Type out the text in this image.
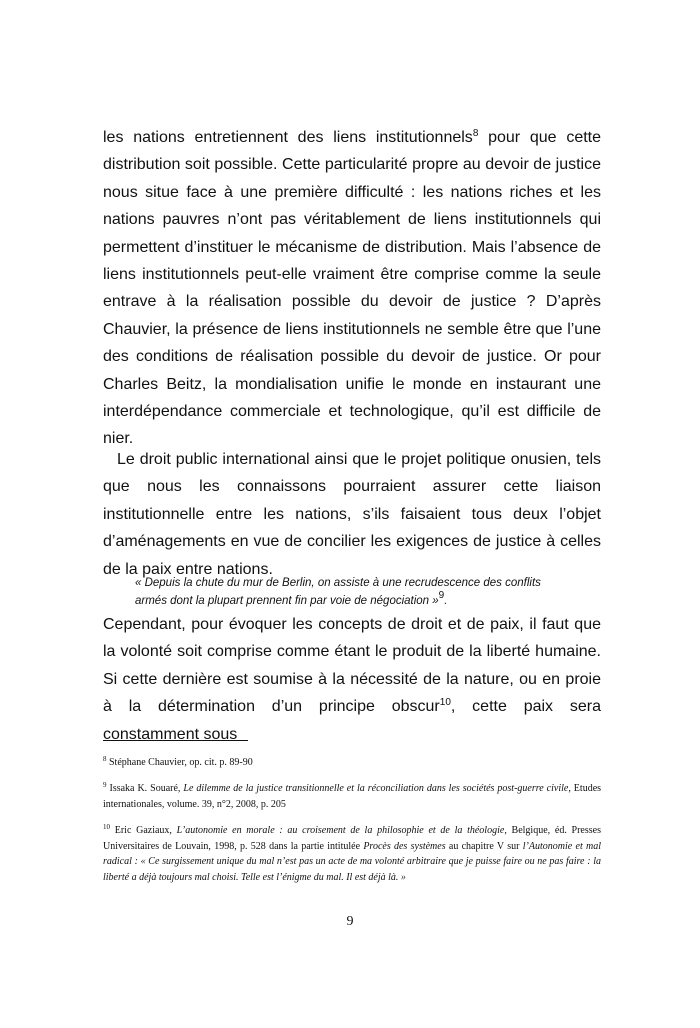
les nations entretiennent des liens institutionnels$^8$ pour que cette distribution soit possible. Cette particularité propre au devoir de justice nous situe face à une première difficulté : les nations riches et les nations pauvres n’ont pas véritablement de liens institutionnels qui permettent d’instituer le mécanisme de distribution. Mais l’absence de liens institutionnels peut-elle vraiment être comprise comme la seule entrave à la réalisation possible du devoir de justice ? D’après Chauvier, la présence de liens institutionnels ne semble être que l’une des conditions de réalisation possible du devoir de justice. Or pour Charles Beitz, la mondialisation unifie le monde en instaurant une interdépendance commerciale et technologique, qu’il est difficile de nier.

Le droit public international ainsi que le projet politique onusien, tels que nous les connaissons pourraient assurer cette liaison institutionnelle entre les nations, s’ils faisaient tous deux l’objet d’aménagements en vue de concilier les exigences de justice à celles de la paix entre nations.

« Depuis la chute du mur de Berlin, on assiste à une recrudescence des conflits armés dont la plupart prennent fin par voie de négociation »$^9$.

Cependant, pour évoquer les concepts de droit et de paix, il faut que la volonté soit comprise comme étant le produit de la liberté humaine. Si cette dernière est soumise à la nécessité de la nature, ou en proie à la détermination d’un principe obscur$^{10}$, cette paix sera constamment sous

$^8$ Stéphane Chauvier, op. cit. p. 89-90

$^9$ Issaka K. Souaré, Le dilemme de la justice transitionnelle et la réconciliation dans les sociétés post-guerre civile, Etudes internationales, volume. 39, n°2, 2008, p. 205

$^{10}$ Eric Gaziaux, L’autonomie en morale : au croisement de la philosophie et de la théologie, Belgique, éd. Presses Universitaires de Louvain, 1998, p. 528 dans la partie intitulée Procès des systèmes au chapitre V sur l’Autonomie et mal radical : « Ce surgissement unique du mal n’est pas un acte de ma volonté arbitraire que je puisse faire ou ne pas faire : la liberté a déjà toujours mal choisi. Telle est l’énigme du mal. Il est déjà là. »

9
